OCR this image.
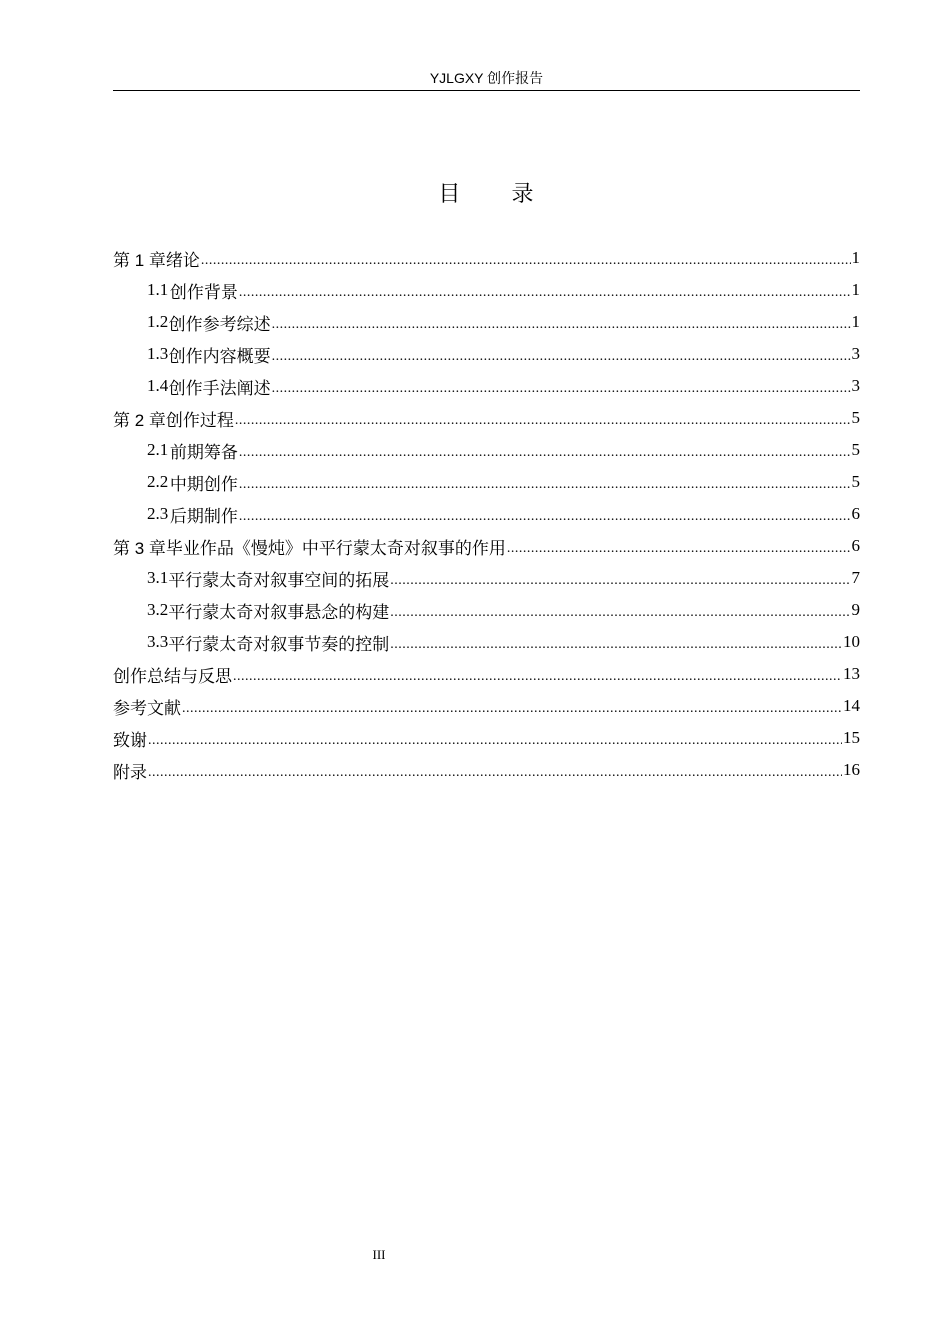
YJLGXY 创作报告
目 录
第 1 章 绪论 .....	1
1.1 创作背景 .....	1
1.2 创作参考综述 .....	1
1.3 创作内容概要 .....	3
1.4 创作手法阐述 .....	3
第 2 章 创作过程 .....	5
2.1 前期筹备 .....	5
2.2 中期创作 .....	5
2.3 后期制作 .....	6
第 3 章 毕业作品《慢炖》中平行蒙太奇对叙事的作用 .....	6
3.1 平行蒙太奇对叙事空间的拓展 .....	7
3.2 平行蒙太奇对叙事悬念的构建 .....	9
3.3 平行蒙太奇对叙事节奏的控制 .....	10
创作总结与反思 .....	13
参考文献 .....	14
致谢 .....	15
附录 .....	16
III
